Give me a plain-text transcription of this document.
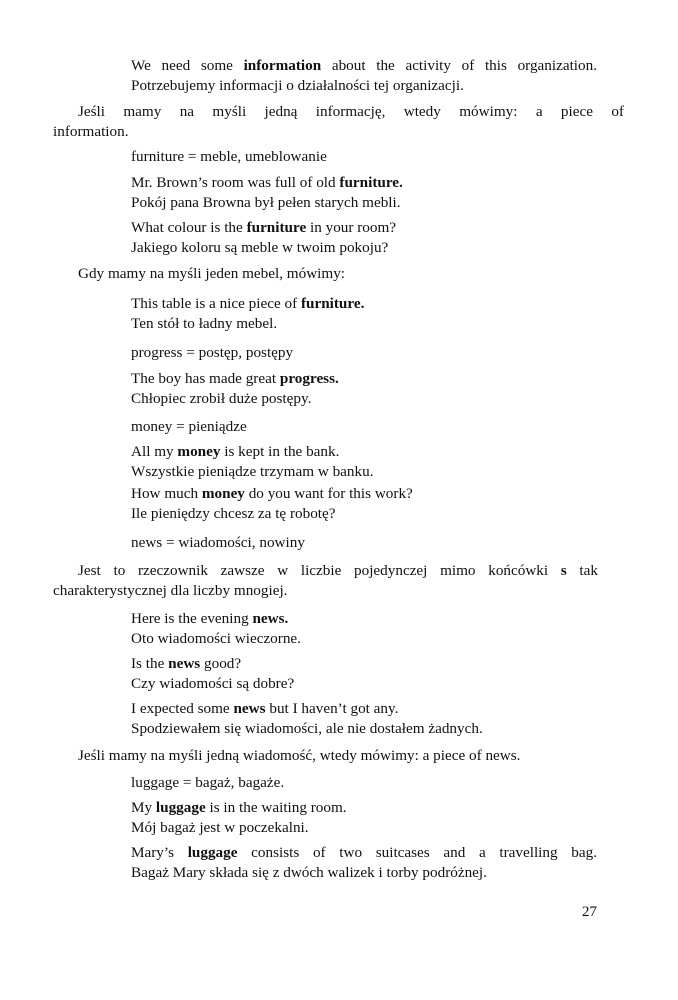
We need some information about the activity of this organization.
Potrzebujemy informacji o działalności tej organizacji.
Jeśli mamy na myśli jedną informację, wtedy mówimy: a piece of
information.
furniture = meble, umeblowanie
Mr. Brown’s room was full of old furniture.
Pokój pana Browna był pełen starych mebli.
What colour is the furniture in your room?
Jakiego koloru są meble w twoim pokoju?
Gdy mamy na myśli jeden mebel, mówimy:
This table is a nice piece of furniture.
Ten stół to ładny mebel.
progress = postęp, postępy
The boy has made great progress.
Chłopiec zrobił duże postępy.
money = pieniądze
All my money is kept in the bank.
Wszystkie pieniądze trzymam w banku.
How much money do you want for this work?
Ile pieniędzy chcesz za tę robotę?
news = wiadomości, nowiny
Jest to rzeczownik zawsze w liczbie pojedynczej mimo końcówki s tak
charakterystycznej dla liczby mnogiej.
Here is the evening news.
Oto wiadomości wieczorne.
Is the news good?
Czy wiadomości są dobre?
I expected some news but I haven’t got any.
Spodziewałem się wiadomości, ale nie dostałem żadnych.
Jeśli mamy na myśli jedną wiadomość, wtedy mówimy: a piece of news.
luggage = bagaż, bagaże.
My luggage is in the waiting room.
Mój bagaż jest w poczekalni.
Mary’s luggage consists of two suitcases and a travelling bag.
Bagaż Mary składa się z dwóch walizek i torby podróżnej.
27
